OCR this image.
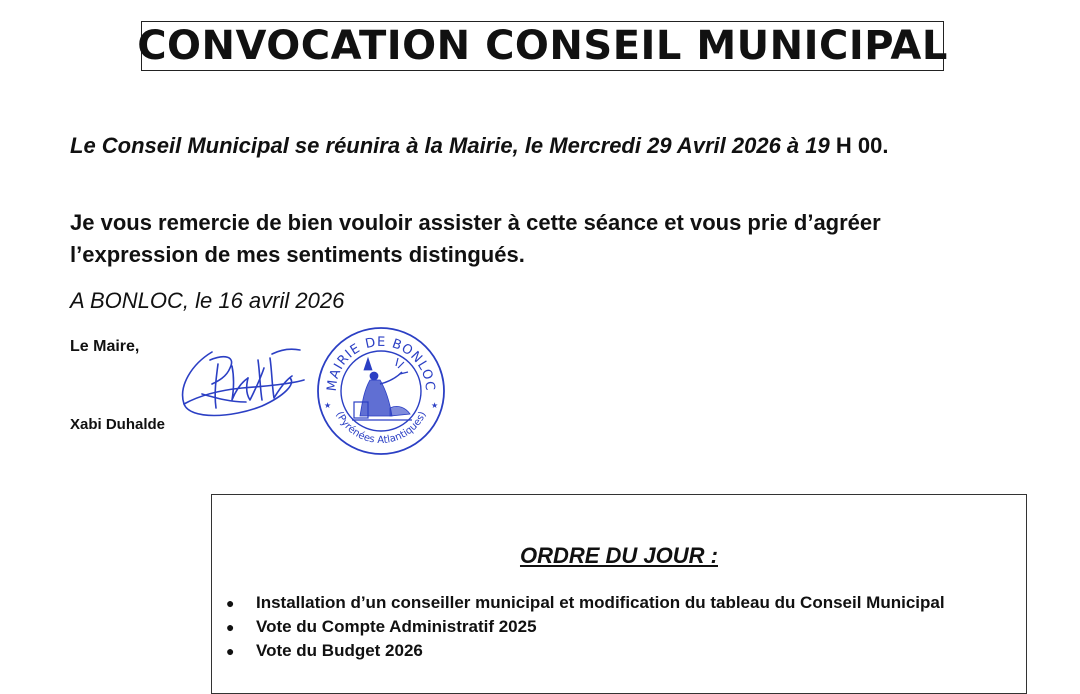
CONVOCATION CONSEIL MUNICIPAL
Le Conseil Municipal se réunira à la Mairie, le Mercredi 29 Avril 2026 à 19 H 00.
Je vous remercie de bien vouloir assister à cette séance et vous prie d’agréer l’expression de mes sentiments distingués.
A BONLOC, le 16 avril 2026
Le Maire,
MAIRIE DE BONLOC
(Pyrénées Atlantiques)
★	★
Xabi Duhalde
ORDRE DU JOUR :
● Installation d’un conseiller municipal et modification du tableau du Conseil Municipal
● Vote du Compte Administratif 2025
● Vote du Budget 2026
